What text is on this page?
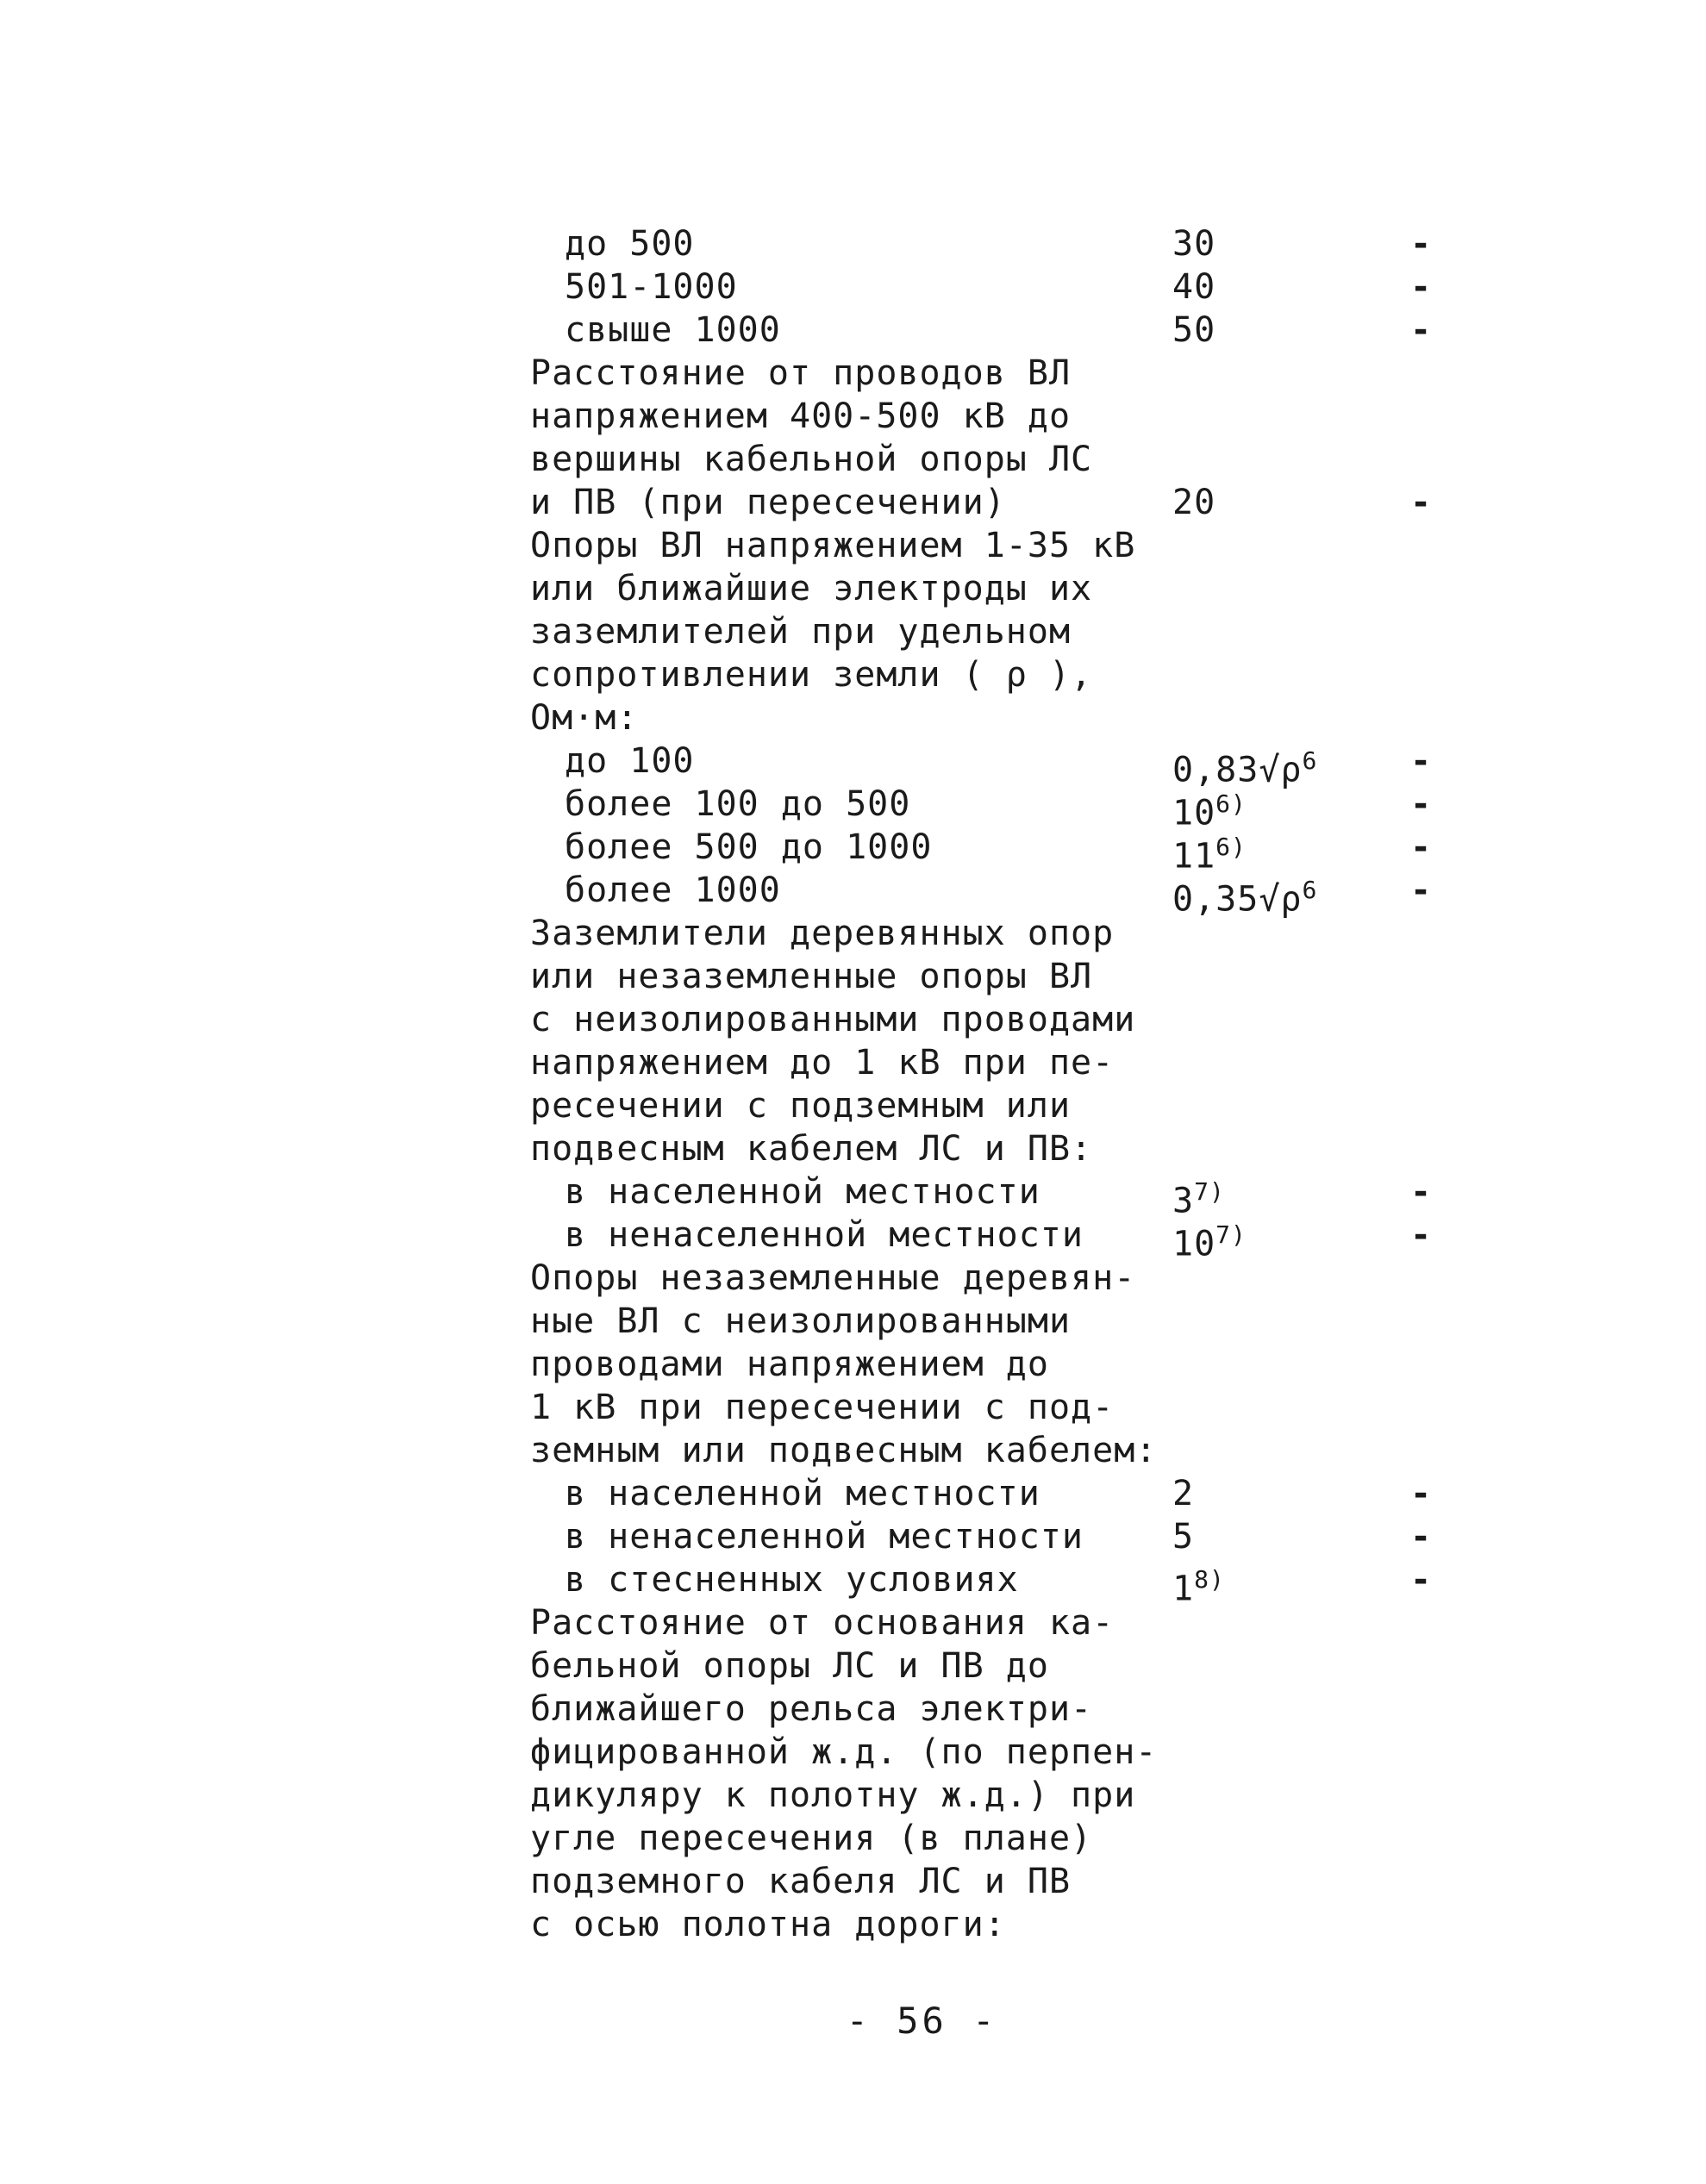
до 500	30	-
501-1000	40	-
свыше 1000	50	-
Расстояние от проводов ВЛ
напряжением 400-500 кВ до
вершины кабельной опоры ЛС
и ПВ (при пересечении)	20	-
Опоры ВЛ напряжением 1-35 кВ
или ближайшие электроды их
заземлителей при удельном
сопротивлении земли ( ρ ),
Ом·м:
до 100	$0,83√\rho^6$	-
более 100 до 500	10$^{6)}$	-
более 500 до 1000	11$^{6)}$	-
более 1000	$0,35√\rho^6$	-
Заземлители деревянных опор
или незаземленные опоры ВЛ
с неизолированными проводами
напряжением до 1 кВ при пе-
ресечении с подземным или
подвесным кабелем ЛС и ПВ:
в населенной местности	3$^{7)}$	-
в ненаселенной местности	10$^{7)}$	-
Опоры незаземленные деревян-
ные ВЛ с неизолированными
проводами напряжением до
1 кВ при пересечении с под-
земным или подвесным кабелем:
в населенной местности	2	-
в ненаселенной местности	5	-
в стесненных условиях	1$^{8)}$	-
Расстояние от основания ка-
бельной опоры ЛС и ПВ до
ближайшего рельса электри-
фицированной ж.д. (по перпен-
дикуляру к полотну ж.д.) при
угле пересечения (в плане)
подземного кабеля ЛС и ПВ
с осью полотна дороги:
- 56 -
